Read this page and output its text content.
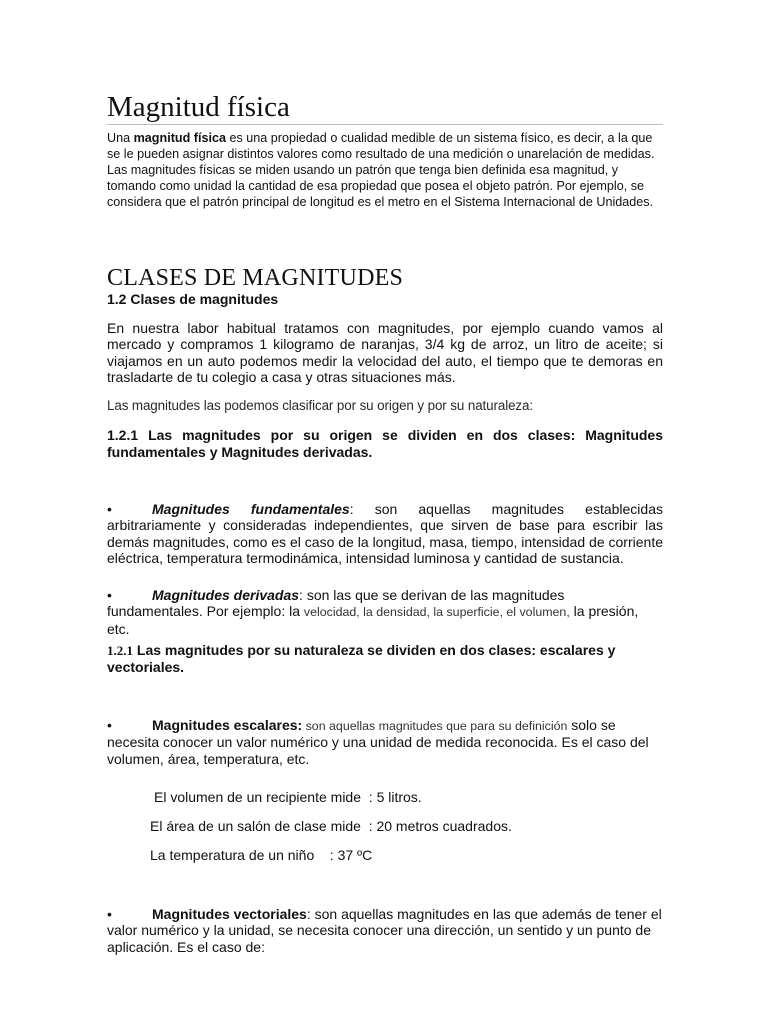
Magnitud física
Una magnitud física es una propiedad o cualidad medible de un sistema físico, es decir, a la que se le pueden asignar distintos valores como resultado de una medición o unarelación de medidas. Las magnitudes físicas se miden usando un patrón que tenga bien definida esa magnitud, y tomando como unidad la cantidad de esa propiedad que posea el objeto patrón. Por ejemplo, se considera que el patrón principal de longitud es el metro en el Sistema Internacional de Unidades.
CLASES DE MAGNITUDES
1.2 Clases de magnitudes
En nuestra labor habitual tratamos con magnitudes, por ejemplo cuando vamos al mercado y compramos 1 kilogramo de naranjas, 3/4 kg de arroz, un litro de aceite; si viajamos en un auto podemos medir la velocidad del auto, el tiempo que te demoras en trasladarte de tu colegio a casa y otras situaciones más.
Las magnitudes las podemos clasificar por su origen y por su naturaleza:
1.2.1 Las magnitudes por su origen se dividen en dos clases: Magnitudes fundamentales y Magnitudes derivadas.
•	Magnitudes fundamentales: son aquellas magnitudes establecidas arbitrariamente y consideradas independientes, que sirven de base para escribir las demás magnitudes, como es el caso de la longitud, masa, tiempo, intensidad de corriente eléctrica, temperatura termodinámica, intensidad luminosa y cantidad de sustancia.
•	Magnitudes derivadas: son las que se derivan de las magnitudes fundamentales. Por ejemplo: la velocidad, la densidad, la superficie, el volumen, la presión, etc.
1.2.1 Las magnitudes por su naturaleza se dividen en dos clases: escalares y vectoriales.
•	Magnitudes escalares: son aquellas magnitudes que para su definición solo se necesita conocer un valor numérico y una unidad de medida reconocida. Es el caso del volumen, área, temperatura, etc.
El volumen de un recipiente mide  : 5 litros.
El área de un salón de clase mide  : 20 metros cuadrados.
La temperatura de un niño    : 37 ºC
•	Magnitudes vectoriales: son aquellas magnitudes en las que además de tener el valor numérico y la unidad, se necesita conocer una dirección, un sentido y un punto de aplicación. Es el caso de:
